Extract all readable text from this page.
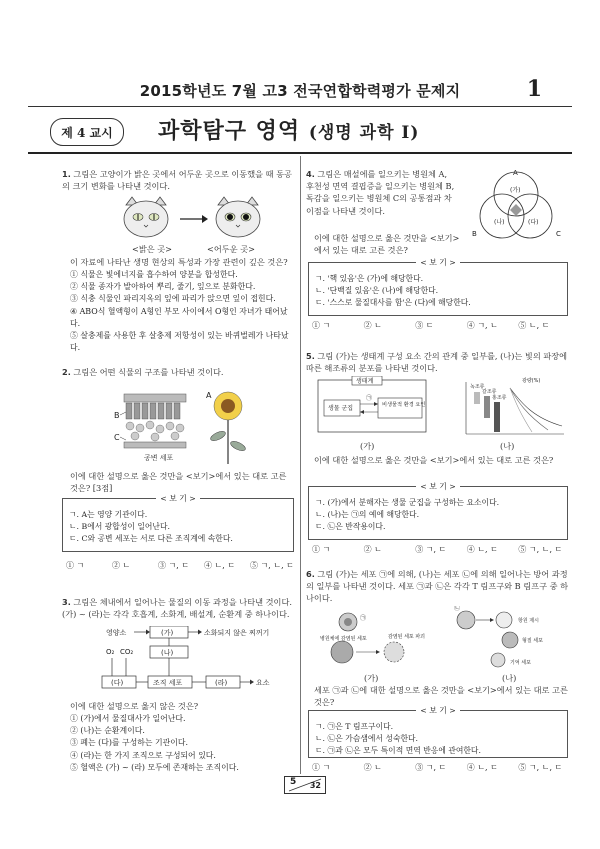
2015학년도 7월 고3 전국연합학력평가 문제지	1
제 4 교시	과학탐구 영역 (생명 과학 Ⅰ)
1. 그림은 고양이가 밝은 곳에서 어두운 곳으로 이동했을 때 동공의 크기 변화를 나타낸 것이다.
<밝은 곳>	<어두운 곳>
이 자료에 나타난 생명 현상의 특성과 가장 관련이 깊은 것은?
① 식물은 빛에너지를 흡수하여 양분을 합성한다.
② 식물 종자가 발아하여 뿌리, 줄기, 잎으로 분화한다.
③ 식충 식물인 파리지옥의 잎에 파리가 앉으면 잎이 접힌다.
④ ABO식 혈액형이 A형인 부모 사이에서 O형인 자녀가 태어났다.
⑤ 살충제를 사용한 후 살충제 저항성이 있는 바퀴벌레가 나타났다.
2. 그림은 어떤 식물의 구조를 나타낸 것이다.
B
C
공변 세포
A
이에 대한 설명으로 옳은 것만을 <보기>에서 있는 대로 고른 것은? [3점]
< 보 기 >
ㄱ. A는 영양 기관이다.
ㄴ. B에서 광합성이 일어난다.
ㄷ. C와 공변 세포는 서로 다른 조직계에 속한다.
① ㄱ	② ㄴ	③ ㄱ, ㄷ	④ ㄴ, ㄷ	⑤ ㄱ, ㄴ, ㄷ
3. 그림은 체내에서 일어나는 물질의 이동 과정을 나타낸 것이다. (가) ~ (라)는 각각 호흡계, 소화계, 배설계, 순환계 중 하나이다.
영양소	(가)	소화되지 않은 찌꺼기
(나)
O₂ CO₂
(다)	조직 세포	(라)	요소
이에 대한 설명으로 옳지 않은 것은?
① (가)에서 물질대사가 일어난다.
② (나)는 순환계이다.
③ 폐는 (다)를 구성하는 기관이다.
④ (라)는 한 가지 조직으로 구성되어 있다.
⑤ 혈액은 (가) ~ (라) 모두에 존재하는 조직이다.
4. 그림은 매설에를 일으키는 병원체 A, 후천성 면역 결핍증을 일으키는 병원체 B, 독감을 일으키는 병원체 C의 공통점과 차이점을 나타낸 것이다.
A
B	C
(가)
(나)	(다)
이에 대한 설명으로 옳은 것만을 <보기>에서 있는 대로 고른 것은?
< 보 기 >
ㄱ. '핵 있음'은 (가)에 해당한다.
ㄴ. '단백질 있음'은 (나)에 해당한다.
ㄷ. '스스로 물질대사를 함'은 (다)에 해당한다.
① ㄱ	② ㄴ	③ ㄷ	④ ㄱ, ㄴ	⑤ ㄴ, ㄷ
5. 그림 (가)는 생태계 구성 요소 간의 관계 중 일부를, (나)는 빛의 파장에 따른 해조류의 분포를 나타낸 것이다.
생태계
생물 군집	비생물적 환경 요인
㉠
녹조류
갈조류
홍조류
광량(%)
(가)	(나)
이에 대한 설명으로 옳은 것만을 <보기>에서 있는 대로 고른 것은?
< 보 기 >
ㄱ. (가)에서 분해자는 생물 군집을 구성하는 요소이다.
ㄴ. (나)는 ㉠의 예에 해당한다.
ㄷ. ㉡은 반작용이다.
① ㄱ	② ㄴ	③ ㄱ, ㄷ	④ ㄴ, ㄷ	⑤ ㄱ, ㄴ, ㄷ
6. 그림 (가)는 세포 ㉠에 의해, (나)는 세포 ㉡에 의해 일어나는 방어 과정의 일부를 나타낸 것이다. 세포 ㉠과 ㉡은 각각 T 림프구와 B 림프구 중 하나이다.
㉠
병원체에 감염된 세포	감염된 세포 파괴
㉡
형질 세포
기억 세포
항원 제시
(가)	(나)
세포 ㉠과 ㉡에 대한 설명으로 옳은 것만을 <보기>에서 있는 대로 고른 것은?
< 보 기 >
ㄱ. ㉠은 T 림프구이다.
ㄴ. ㉡은 가슴샘에서 성숙한다.
ㄷ. ㉠과 ㉡은 모두 특이적 면역 반응에 관여한다.
① ㄱ	② ㄴ	③ ㄱ, ㄷ	④ ㄴ, ㄷ	⑤ ㄱ, ㄴ, ㄷ
5 32
